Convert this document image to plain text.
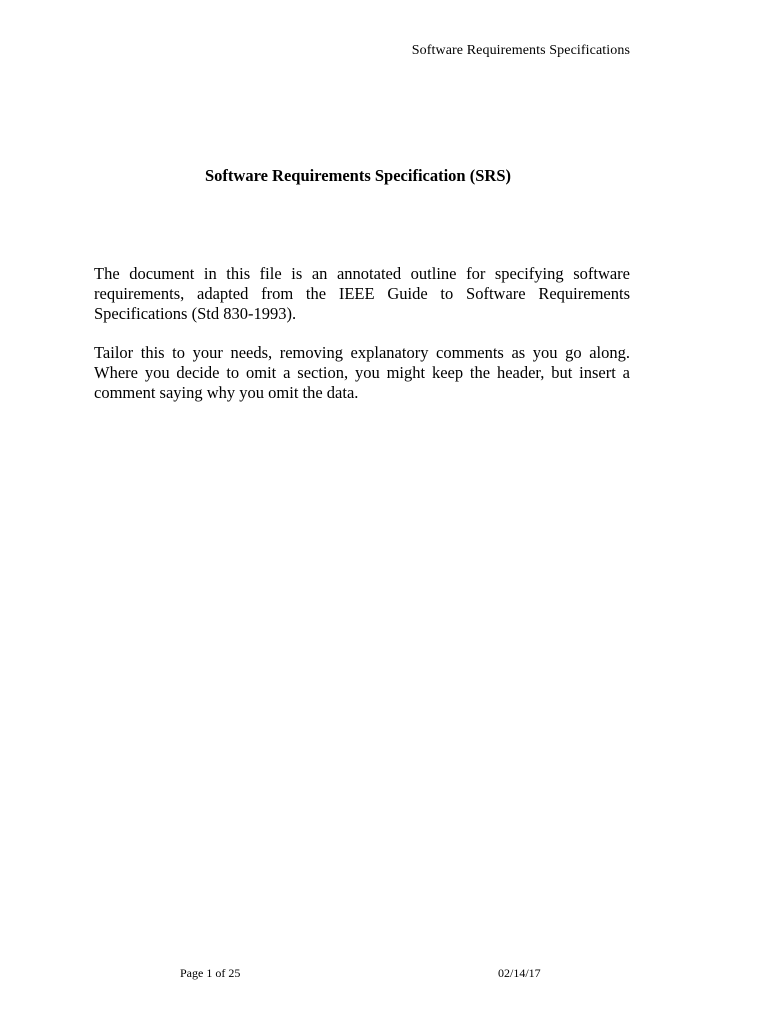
Software Requirements Specifications
Software Requirements Specification (SRS)

The document in this file is an annotated outline for specifying software requirements, adapted from the IEEE Guide to Software Requirements Specifications (Std 830-1993).

Tailor this to your needs, removing explanatory comments as you go along.  Where you decide to omit a section, you might keep the header, but insert a comment saying why you omit the data.

Page 1 of 25	02/14/17
